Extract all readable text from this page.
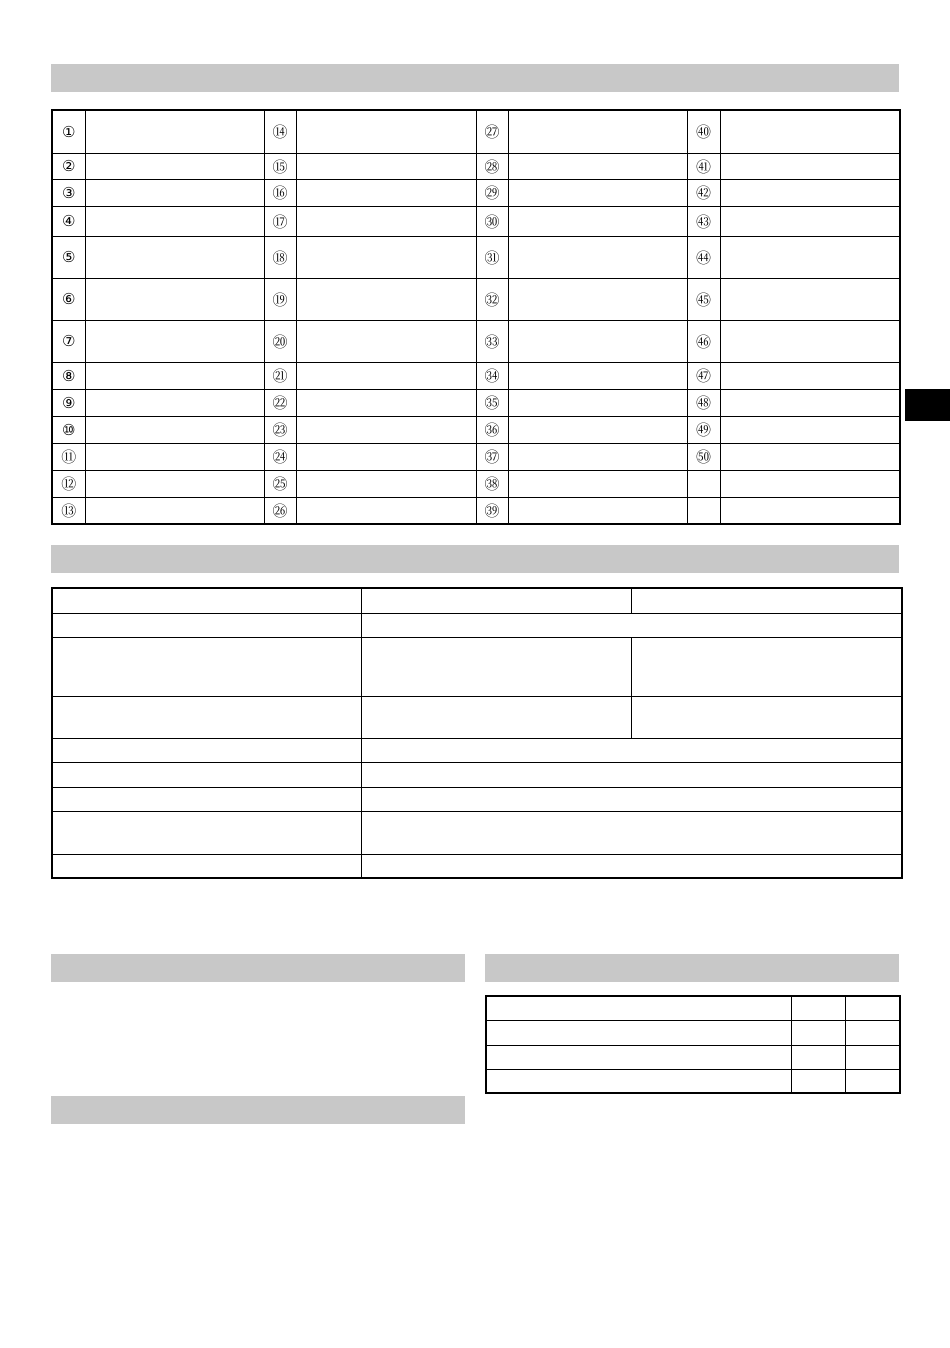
①		⑭		㉗		㊵	
②		⑮		㉘		㊶	
③		⑯		㉙		㊷	
④		⑰		㉚		㊸	
⑤		⑱		㉛		㊹	
⑥		⑲		㉜		㊺	
⑦		⑳		㉝		㊻	
⑧		㉑		㉞		㊼	
⑨		㉒		㉟		㊽	
⑩		㉓		㊱		㊾	
⑪		㉔		㊲		㊿	
⑫		㉕		㊳			
⑬		㉖		㊴			
